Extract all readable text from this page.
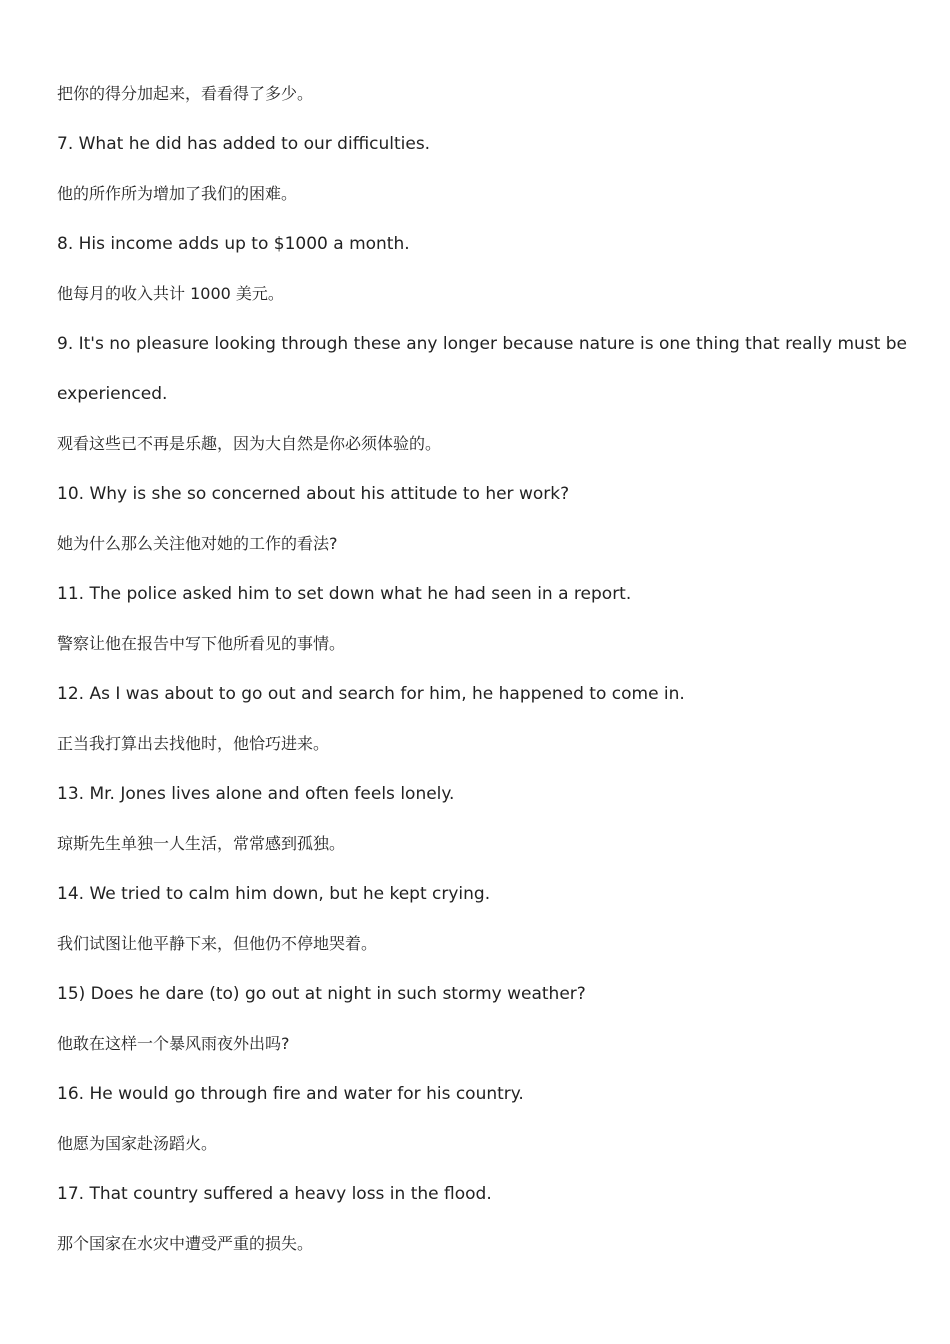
把你的得分加起来，看看得了多少。

7. What he did has added to our difficulties.

他的所作所为增加了我们的困难。

8. His income adds up to $1000 a month.

他每月的收入共计 1000 美元。

9. It's no pleasure looking through these any longer because nature is one thing that really must be

experienced.

观看这些已不再是乐趣，因为大自然是你必须体验的。

10. Why is she so concerned about his attitude to her work?

她为什么那么关注他对她的工作的看法?

11. The police asked him to set down what he had seen in a report.

警察让他在报告中写下他所看见的事情。

12. As I was about to go out and search for him, he happened to come in.

正当我打算出去找他时，他恰巧进来。

13. Mr. Jones lives alone and often feels lonely.

琼斯先生单独一人生活，常常感到孤独。

14. We tried to calm him down, but he kept crying.

我们试图让他平静下来，但他仍不停地哭着。

15) Does he dare (to) go out at night in such stormy weather?

他敢在这样一个暴风雨夜外出吗?

16. He would go through fire and water for his country.

他愿为国家赴汤蹈火。

17. That country suffered a heavy loss in the flood.

那个国家在水灾中遭受严重的损失。
